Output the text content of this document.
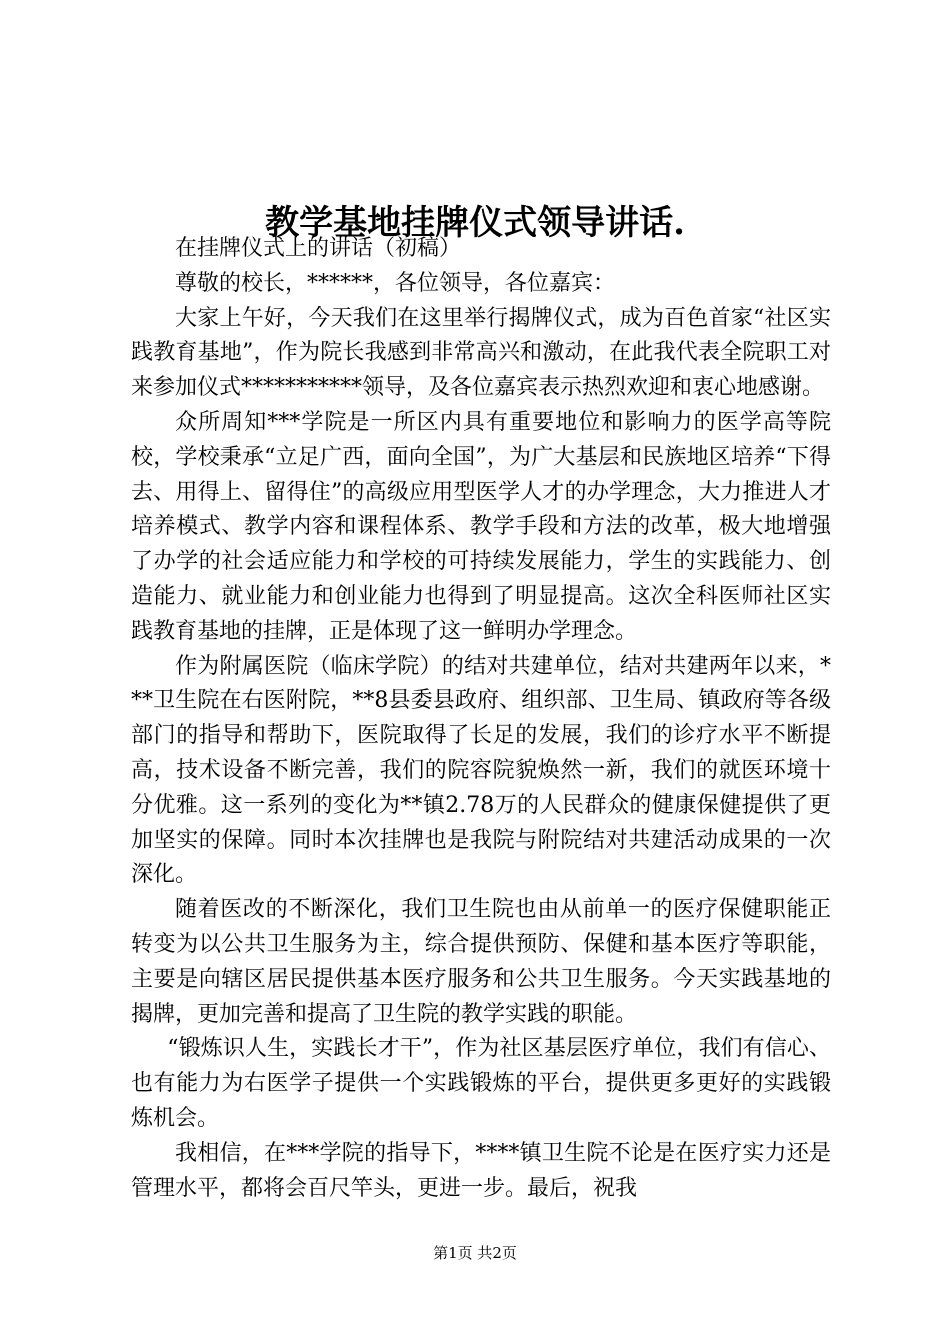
教学基地挂牌仪式领导讲话.

在挂牌仪式上的讲话（初稿）

尊敬的校长，******，各位领导，各位嘉宾：

大家上午好，今天我们在这里举行揭牌仪式，成为百色首家“社区实践教育基地”，作为院长我感到非常高兴和激动，在此我代表全院职工对来参加仪式***********领导，及各位嘉宾表示热烈欢迎和衷心地感谢。

众所周知***学院是一所区内具有重要地位和影响力的医学高等院校，学校秉承“立足广西，面向全国”，为广大基层和民族地区培养“下得去、用得上、留得住”的高级应用型医学人才的办学理念，大力推进人才培养模式、教学内容和课程体系、教学手段和方法的改革，极大地增强了办学的社会适应能力和学校的可持续发展能力，学生的实践能力、创造能力、就业能力和创业能力也得到了明显提高。这次全科医师社区实践教育基地的挂牌，正是体现了这一鲜明办学理念。

作为附属医院（临床学院）的结对共建单位，结对共建两年以来，***卫生院在右医附院，**8县委县政府、组织部、卫生局、镇政府等各级部门的指导和帮助下，医院取得了长足的发展，我们的诊疗水平不断提高，技术设备不断完善，我们的院容院貌焕然一新，我们的就医环境十分优雅。这一系列的变化为**镇2.78万的人民群众的健康保健提供了更加坚实的保障。同时本次挂牌也是我院与附院结对共建活动成果的一次深化。

随着医改的不断深化，我们卫生院也由从前单一的医疗保健职能正转变为以公共卫生服务为主，综合提供预防、保健和基本医疗等职能，主要是向辖区居民提供基本医疗服务和公共卫生服务。今天实践基地的揭牌，更加完善和提高了卫生院的教学实践的职能。

“锻炼识人生，实践长才干”，作为社区基层医疗单位，我们有信心、也有能力为右医学子提供一个实践锻炼的平台，提供更多更好的实践锻炼机会。

我相信，在***学院的指导下，****镇卫生院不论是在医疗实力还是管理水平，都将会百尺竿头，更进一步。最后，祝我

第1页 共2页
